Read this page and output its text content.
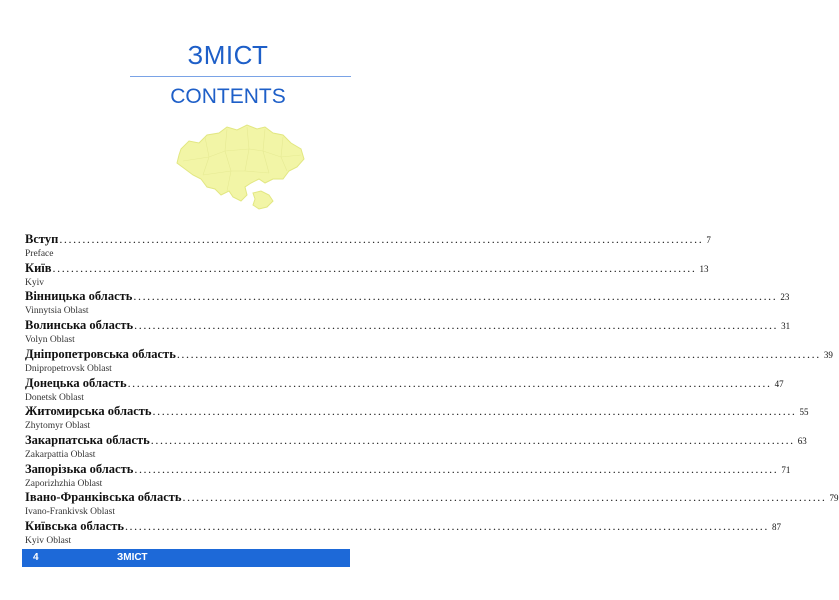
ЗМІСТ
CONTENTS
Вступ ............................................................................................................................................ 7
Preface
Київ ............................................................................................................................................ 13
Kyiv
Вінницька область ............................................................................................................................................ 23
Vinnytsia Oblast
Волинська область ............................................................................................................................................ 31
Volyn Oblast
Дніпропетровська область ............................................................................................................................................ 39
Dnipropetrovsk Oblast
Донецька область ............................................................................................................................................ 47
Donetsk Oblast
Житомирська область ............................................................................................................................................ 55
Zhytomyr Oblast
Закарпатська область ............................................................................................................................................ 63
Zakarpattia Oblast
Запорізька область ............................................................................................................................................ 71
Zaporizhzhia Oblast
Івано-Франківська область ............................................................................................................................................ 79
Ivano-Frankivsk Oblast
Київська область ............................................................................................................................................ 87
Kyiv Oblast
4	ЗМІСТ
